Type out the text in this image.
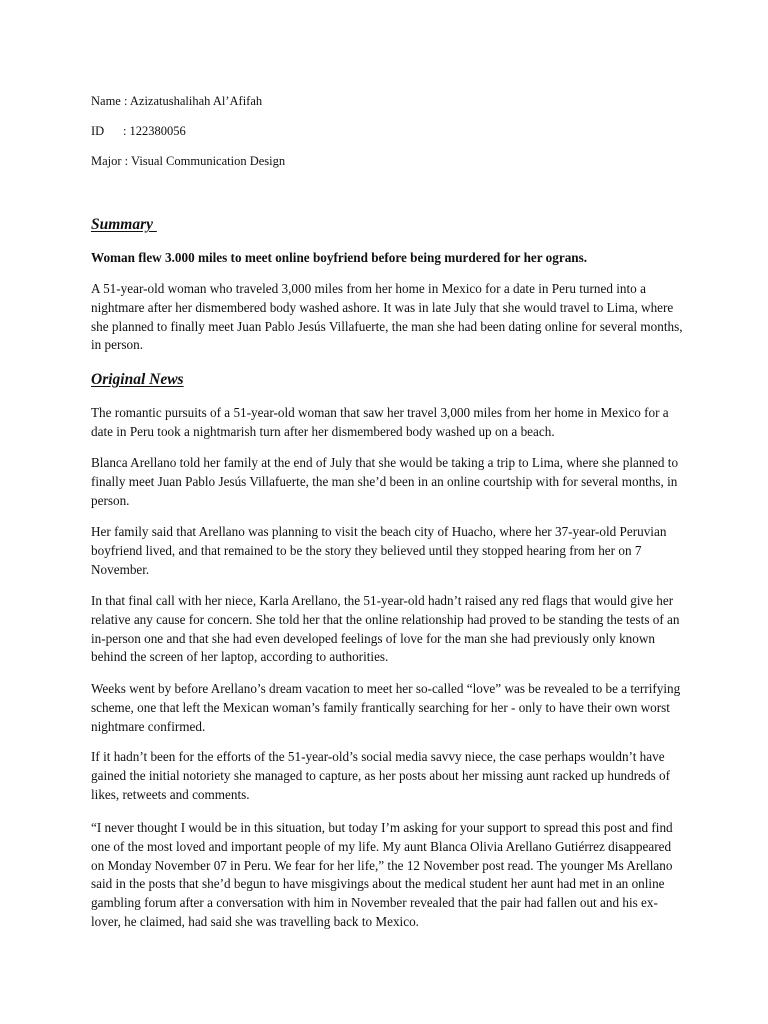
Name : Azizatushalihah Al’Afifah
ID      : 122380056
Major : Visual Communication Design
Summary
Woman flew 3.000 miles to meet online boyfriend before being murdered for her ograns.
A 51-year-old woman who traveled 3,000 miles from her home in Mexico for a date in Peru turned into a nightmare after her dismembered body washed ashore. It was in late July that she would travel to Lima, where she planned to finally meet Juan Pablo Jesús Villafuerte, the man she had been dating online for several months, in person.
Original News
The romantic pursuits of a 51-year-old woman that saw her travel 3,000 miles from her home in Mexico for a date in Peru took a nightmarish turn after her dismembered body washed up on a beach.
Blanca Arellano told her family at the end of July that she would be taking a trip to Lima, where she planned to finally meet Juan Pablo Jesús Villafuerte, the man she’d been in an online courtship with for several months, in person.
Her family said that Arellano was planning to visit the beach city of Huacho, where her 37-year-old Peruvian boyfriend lived, and that remained to be the story they believed until they stopped hearing from her on 7 November.
In that final call with her niece, Karla Arellano, the 51-year-old hadn’t raised any red flags that would give her relative any cause for concern. She told her that the online relationship had proved to be standing the tests of an in-person one and that she had even developed feelings of love for the man she had previously only known behind the screen of her laptop, according to authorities.
Weeks went by before Arellano’s dream vacation to meet her so-called “love” was be revealed to be a terrifying scheme, one that left the Mexican woman’s family frantically searching for her - only to have their own worst nightmare confirmed.
If it hadn’t been for the efforts of the 51-year-old’s social media savvy niece, the case perhaps wouldn’t have gained the initial notoriety she managed to capture, as her posts about her missing aunt racked up hundreds of likes, retweets and comments.
“I never thought I would be in this situation, but today I’m asking for your support to spread this post and find one of the most loved and important people of my life. My aunt Blanca Olivia Arellano Gutiérrez disappeared on Monday November 07 in Peru. We fear for her life,” the 12 November post read. The younger Ms Arellano said in the posts that she’d begun to have misgivings about the medical student her aunt had met in an online gambling forum after a conversation with him in November revealed that the pair had fallen out and his ex-lover, he claimed, had said she was travelling back to Mexico.
